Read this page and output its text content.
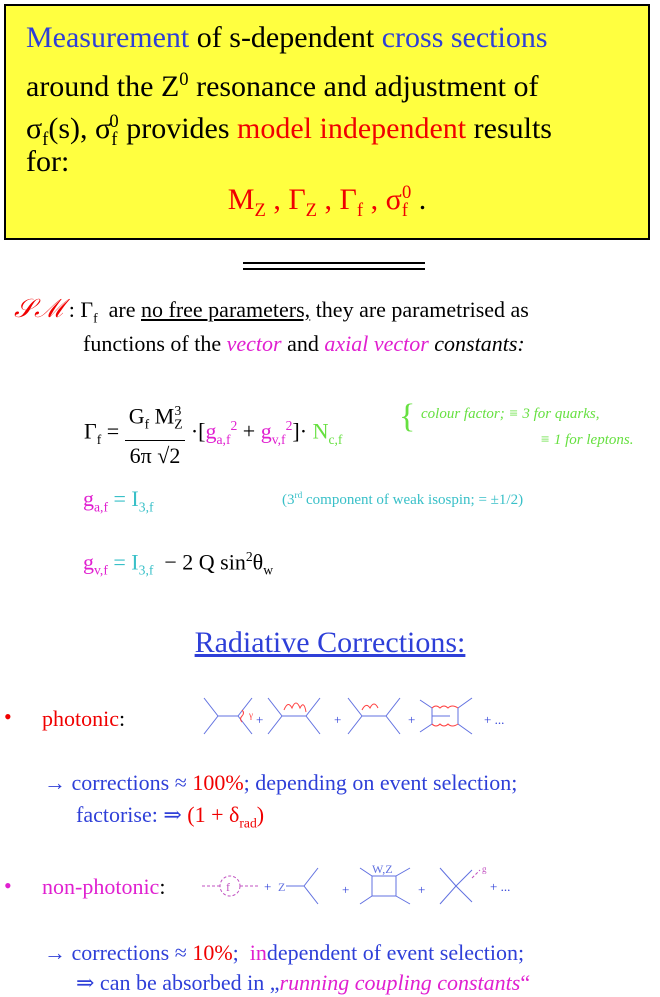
Measurement of s-dependent cross sections
around the $Z^0$ resonance and adjustment of
$\sigma_f(s)$, $\sigma_f^0$ provides model independent results
for:
$M_Z$ , $\Gamma_Z$ , $\Gamma_f$ , $\sigma_f^0$ .
𝒮ℳ : $\Gamma_f$  are no free parameters, they are parametrised as
functions of the vector and axial vector constants:
$\Gamma_f = \frac{G_f M_Z^3}{6\pi √2} \cdot[g_{a,f}^2 + g_{v,f}^2]\cdot N_{c,f}$
{ colour factor; ≡ 3 for quarks,
≡ 1 for leptons.
$g_{a,f} = I_{3,f}$	(3rd component of weak isospin; = ±1/2)
$g_{v,f} = I_{3,f} - 2$ Q $\sin^2\theta_w$
Radiative Corrections:
• photonic:	γ +	+	+	+ ...
→ corrections ≈ 100%; depending on event selection;
factorise: ⇒ $(1 + \delta_{rad})$
• non-photonic:	f	Z
W,Z	g
+	+	+	+ ...
→ corrections ≈ 10%;  independent of event selection;
⇒ can be absorbed in „running coupling constants“
